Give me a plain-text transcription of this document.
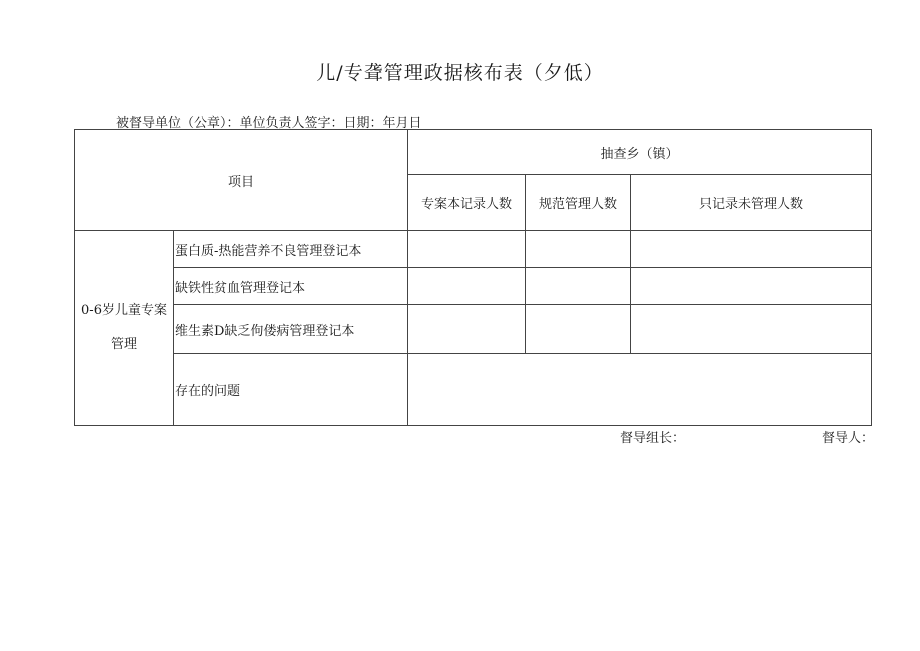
儿/专聋管理政据核布表（夕低）
被督导单位（公章）：单位负责人签字：日期：年月日
项目		抽查乡（镇）		
		专案本记录人数	规范管理人数	只记录未管理人数
0-6岁儿童专案
管理	蛋白质-热能营养不良管理登记本			
	缺铁性贫血管理登记本			
	维生素D缺乏佝偻病管理登记本			
	存在的问题			
督导组长：	督导人：
